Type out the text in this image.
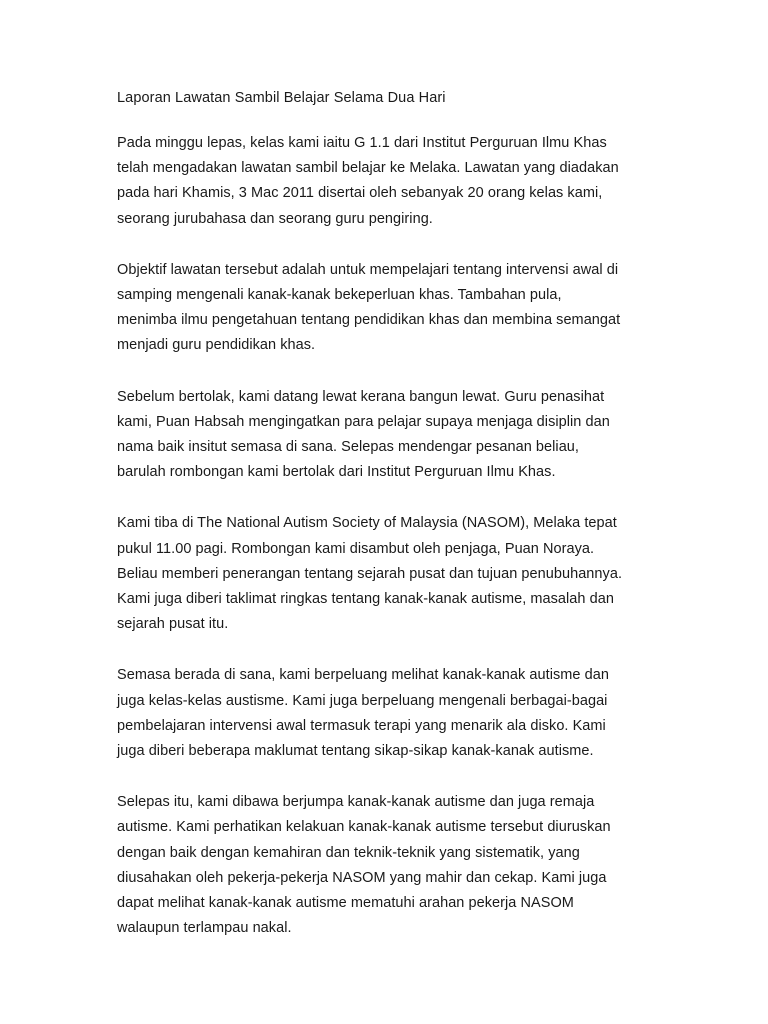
Laporan Lawatan Sambil Belajar Selama Dua Hari
Pada minggu lepas, kelas kami iaitu G 1.1 dari Institut Perguruan Ilmu Khas
telah mengadakan lawatan sambil belajar ke Melaka. Lawatan yang diadakan
pada hari Khamis, 3 Mac 2011 disertai oleh sebanyak 20 orang kelas kami,
seorang jurubahasa dan seorang guru pengiring.
Objektif lawatan tersebut adalah untuk mempelajari tentang intervensi awal di
samping mengenali kanak-kanak bekeperluan khas. Tambahan pula,
menimba ilmu pengetahuan tentang pendidikan khas dan membina semangat
menjadi guru pendidikan khas.
Sebelum bertolak, kami datang lewat kerana bangun lewat. Guru penasihat
kami, Puan Habsah mengingatkan para pelajar supaya menjaga disiplin dan
nama baik insitut semasa di sana. Selepas mendengar pesanan beliau,
barulah rombongan kami bertolak dari Institut Perguruan Ilmu Khas.
Kami tiba di The National Autism Society of Malaysia (NASOM), Melaka tepat
pukul 11.00 pagi. Rombongan kami disambut oleh penjaga, Puan Noraya.
Beliau memberi penerangan tentang sejarah pusat dan tujuan penubuhannya.
Kami juga diberi taklimat ringkas tentang kanak-kanak autisme, masalah dan
sejarah pusat itu.
Semasa berada di sana, kami berpeluang melihat kanak-kanak autisme dan
juga kelas-kelas austisme. Kami juga berpeluang mengenali berbagai-bagai
pembelajaran intervensi awal termasuk terapi yang menarik ala disko. Kami
juga diberi beberapa maklumat tentang sikap-sikap kanak-kanak autisme.
Selepas itu, kami dibawa berjumpa kanak-kanak autisme dan juga remaja
autisme. Kami perhatikan kelakuan kanak-kanak autisme tersebut diuruskan
dengan baik dengan kemahiran dan teknik-teknik yang sistematik, yang
diusahakan oleh pekerja-pekerja NASOM yang mahir dan cekap. Kami juga
dapat melihat kanak-kanak autisme mematuhi arahan pekerja NASOM
walaupun terlampau nakal.
